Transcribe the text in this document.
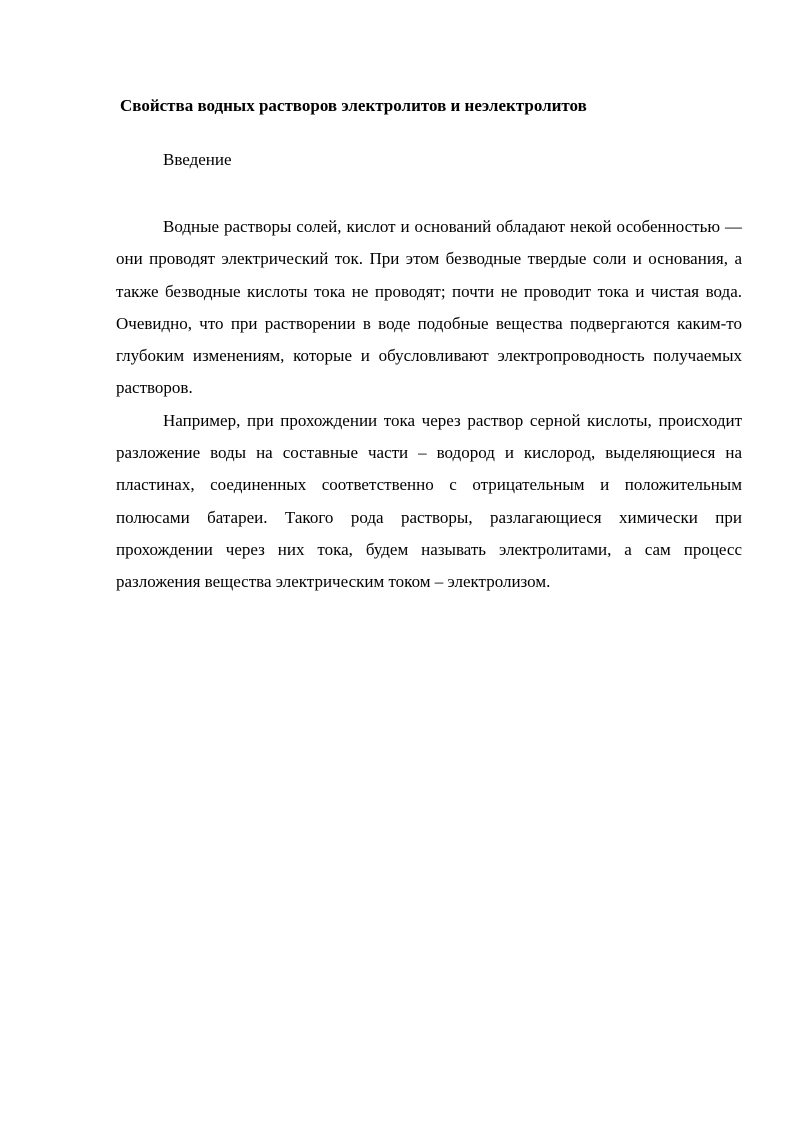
Свойства водных растворов электролитов и неэлектролитов
Введение

Водные растворы солей, кислот и оснований обладают некой особенностью — они проводят электрический ток. При этом безводные твердые соли и основания, а также безводные кислоты тока не проводят; почти не проводит тока и чистая вода. Очевидно, что при растворении в воде подобные вещества подвергаются каким-то глубоким изменениям, которые и обусловливают электропроводность получаемых растворов.

Например, при прохождении тока через раствор серной кислоты, происходит разложение воды на составные части – водород и кислород, выделяющиеся на пластинах, соединенных соответственно с отрицательным и положительным полюсами батареи. Такого рода растворы, разлагающиеся химически при прохождении через них тока, будем называть электролитами, а сам процесс разложения вещества электрическим током – электролизом.
